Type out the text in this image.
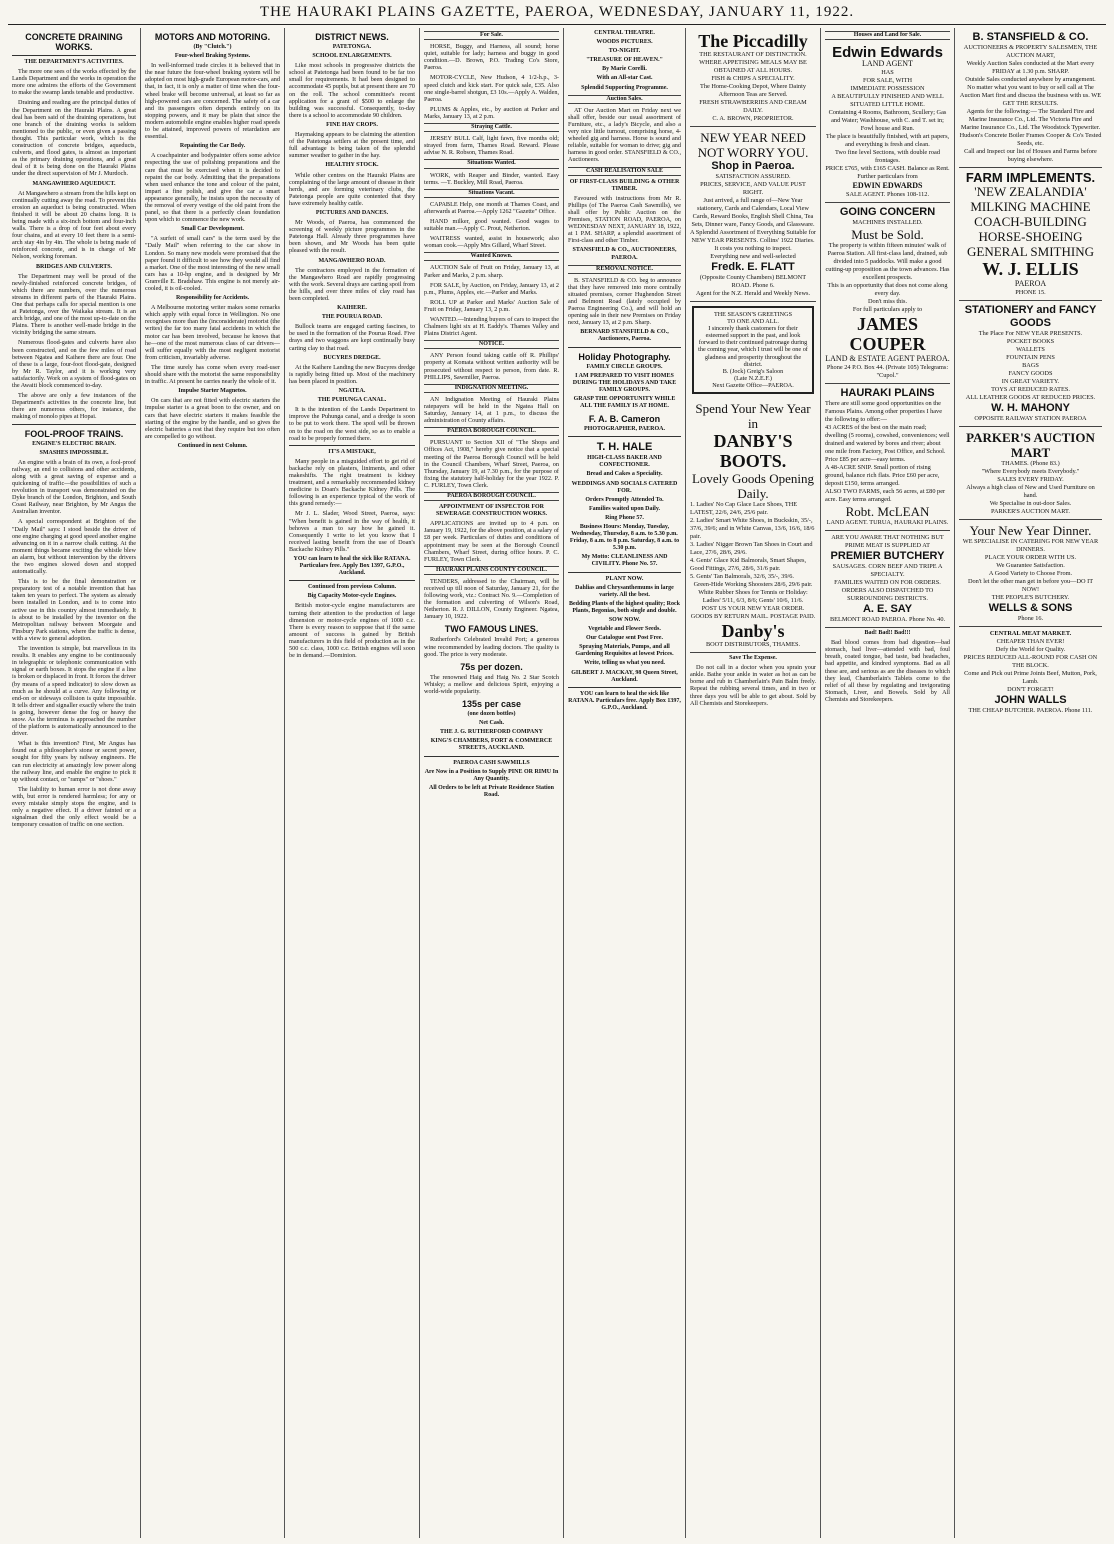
THE HAURAKI PLAINS GAZETTE, PAEROA, WEDNESDAY, JANUARY 11, 1922.
CONCRETE DRAINING WORKS.
THE DEPARTMENT'S ACTIVITIES.

The more one sees of the works effected by the Lands Department and the works in operation the more one admires the efforts of the Government to make the swamp lands tenable and productive.

Draining and reading are the principal duties of the Department on the Hauraki Plains. A great deal has been said of the draining operations, but one branch of the draining works is seldom mentioned to the public, or even given a passing thought. This particular work, which is the construction of concrete bridges, aqueducts, culverts, and flood gates, is almost as important as the primary draining operations, and a great deal of it is being done on the Hauraki Plains under the direct supervision of Mr J. Murdoch.

MANGAWHERO AQUEDUCT.

At Mangawhero a stream from the hills kept on continually cutting away the road. To prevent this erosion an aqueduct is being constructed. When finished it will be about 20 chains long. It is being made with a six-inch bottom and four-inch walls. There is a drop of four feet about every four chains, and at every 10 feet there is a semi-arch stay 4in by 4in. The whole is being made of reinforced concrete, and is in charge of Mr Nelson, working foreman.

BRIDGES AND CULVERTS.

The Department may well be proud of the newly-finished reinforced concrete bridges, of which there are numbers, over the numerous streams in different parts of the Hauraki Plains. One that perhaps calls for special mention is one at Patetonga, over the Waikaka stream. It is an arch bridge, and one of the most up-to-date on the Plains. There is another well-made bridge in the vicinity bridging the same stream.

Numerous flood-gates and culverts have also been constructed, and on the few miles of road between Ngatea and Kaihere there are four. One of these is a large, four-foot flood-gate, designed by Mr R. Taylor, and it is working very satisfactorily. Work on a system of flood-gates on the Awaiti block commenced to-day.

The above are only a few instances of the Department's activities in the concrete line, but there are numerous others, for instance, the making of monolo pipes at Hopai.

FOOL-PROOF TRAINS.
ENGINE'S ELECTRIC BRAIN.
SMASHES IMPOSSIBLE.

An engine with a brain of its own, a fool-proof railway, an end to collisions and other accidents, along with a great saving of expense and a quickening of traffic—the possibilities of such a revolution in transport was demonstrated on the Dyke branch of the London, Brighton, and South Coast Railway, near Brighton, by Mr Angus the Australian inventor.

A special correspondent at Brighton of the "Daily Mail" says: I stood beside the driver of one engine charging at good speed another engine advancing on it in a narrow chalk cutting. At the moment things became exciting the whistle blew an alarm, but without intervention by the drivers the two engines slowed down and stopped automatically.

This is to be the final demonstration or preparatory test of a notable invention that has taken ten years to perfect. The system as already been installed in London, and is to come into active use in this country almost immediately. It is about to be installed by the inventor on the Metropolitan railway between Moorgate and Finsbury Park stations, where the traffic is dense, with a view to general adoption.

The invention is simple, but marvellous in its results. It enables any engine to be continuously in telegraphic or telephonic communication with signal or earth boxes. It stops the engine if a line is broken or displaced in front. It forces the driver (by means of a speed indicator) to slow down as much as he should at a curve. Any following or end-on or sideways collision is quite impossible. It tells driver and signaller exactly where the train is going, however dense the fog or heavy the snow. As the terminus is approached the number of the platform is automatically announced to the driver.

What is this invention? First, Mr Angus has found out a philosopher's stone or secret power, sought for fifty years by railway engineers. He can run electricity at amazingly low power along the railway line, and enable the engine to pick it up without contact, or "ramps" or "shoes."

The liability to human error is not done away with, but error is rendered harmless; for any or every mistake simply stops the engine, and is only a negative effect. If a driver fainted or a signalman died the only effect would be a temporary cessation of traffic on one section.

MOTORS AND MOTORING.
(By "Clutch.")
Four-wheel Braking Systems.

In well-informed trade circles it is believed that in the near future the four-wheel braking system will be adopted on most high-grade European motor-cars, and that, in fact, it is only a matter of time when the four-wheel brake will become universal, at least so far as high-powered cars are concerned. The safety of a car and its passengers often depends entirely on its stopping powers, and it may be plain that since the modern automobile engine enables higher road speeds to be attained, improved powers of retardation are essential.

Repainting the Car Body.

A coachpainter and bodypainter offers some advice respecting the use of polishing preparations and the care that must be exercised when it is decided to repaint the car body. Admitting that the preparations when used enhance the tone and colour of the paint, impart a fine polish, and give the car a smart appearance generally, he insists upon the necessity of the removal of every vestige of the old paint from the panel, so that there is a perfectly clean foundation upon which to commence the new work.

Small Car Development.

"A surfeit of small cars" is the term used by the "Daily Mail" when referring to the car show in London. So many new models were promised that the paper found it difficult to see how they would all find a market. One of the most interesting of the new small cars has a 10-hp engine, and is designed by Mr Granville E. Bradshaw. This engine is not merely air-cooled, it is oil-cooled.

Responsibility for Accidents.

A Melbourne motoring writer makes some remarks which apply with equal force in Wellington. No one recognises more than the (inconsiderate) motorist (the writes) the far too many fatal accidents in which the motor car has been involved, because he knows that he—one of the most numerous class of car drivers—will suffer equally with the most negligent motorist from criticism, invariably adverse.

The time surely has come when every road-user should share with the motorist the same responsibility in traffic. At present he carries nearly the whole of it.

Impulse Starter Magnetos.

On cars that are not fitted with electric starters the impulse starter is a great boon to the owner, and on cars that have electric starters it makes feasible the starting of the engine by the handle, and so gives the electric batteries a rest that they require but too often are compelled to go without.

Continued in next Column.
DISTRICT NEWS.
PATETONGA.
SCHOOL ENLARGEMENTS.

Like most schools in progressive districts the school at Patetonga had been found to be far too small for requirements. It had been designed to accommodate 45 pupils, but at present there are 70 on the roll. The school committee's recent application for a grant of $500 to enlarge the building was successful. Consequently, to-day there is a school to accommodate 90 children.

FINE HAY CROPS.

Haymaking appears to be claiming the attention of the Patetonga settlers at the present time, and full advantage is being taken of the splendid summer weather to gather in the hay.

HEALTHY STOCK.

While other centres on the Hauraki Plains are complaining of the large amount of disease in their herds, and are forming veterinary clubs, the Patetonga people are quite contented that they have extremely healthy cattle.

PICTURES AND DANCES.

Mr Woods, of Paeroa, has commenced the screening of weekly picture programmes in the Patetonga Hall. Already three programmes have been shown, and Mr Woods has been quite pleased with the result.

MANGAWHERO ROAD.

The contractors employed in the formation of the Mangawhero Road are rapidly progressing with the work. Several drays are carting spoil from the hills, and over three miles of clay road has been completed.

KAIHERE.
THE POURUA ROAD.

Bullock teams are engaged carting fascines, to be used in the formation of the Pourua Road. Five drays and two waggons are kept continually busy carting clay to that road.

BUCYRES DREDGE.

At the Kaihere Landing the new Bucyres dredge is rapidly being fitted up. Most of the machinery has been placed in position.

NGATEA.
THE PUHUNGA CANAL.

It is the intention of the Lands Department to improve the Puhunga canal, and a dredge is soon to be put to work there. The spoil will be thrown on to the road on the west side, so as to enable a road to be properly formed there.

IT'S A MISTAKE,

Many people in a misguided effort to get rid of backache rely on plasters, liniments, and other makeshifts. The right treatment is kidney treatment, and a remarkably recommended kidney medicine is Doan's Backache Kidney Pills. The following is an experience typical of the work of this grand remedy:—

Mr J. L. Slader, Wood Street, Paeroa, says: "When benefit is gained in the way of health, it behoves a man to say how he gained it. Consequently I write to let you know that I received lasting benefit from the use of Doan's Backache Kidney Pills."

YOU can learn to heal the sick like RATANA. Particulars free. Apply Box 1397, G.P.O., Auckland.
Continued from previous Column.
Big Capacity Motor-cycle Engines.

British motor-cycle engine manufacturers are turning their attention to the production of large dimension or motor-cycle engines of 1000 c.c. There is every reason to suppose that if the same amount of success is gained by British manufacturers in this field of production as in the 500 c.c. class, 1000 c.c. British engines will soon be in demand.—Dominion.

For Sale.

HORSE, Buggy, and Harness, all sound; horse quiet, suitable for lady; harness and buggy in good condition.—D. Brown, P.O. Trading Co's Store, Paeroa.

MOTOR-CYCLE, New Hudson, 4 1/2-h.p., 3-speed clutch and kick start. For quick sale, £35. Also one single-barrel shotgun, £3 10s.—Apply A. Walden, Paeroa.

PLUMS & Apples, etc., by auction at Parker and Marks, January 13, at 2 p.m.

Straying Cattle.

JERSEY BULL Calf, light fawn, five months old; strayed from farm, Thames Road. Reward. Please advise N. R. Robson, Thames Road.

Situations Wanted.

WORK, with Reaper and Binder, wanted. Easy terms. —T. Buckley, Mill Road, Paeroa.

Situations Vacant.

CAPABLE Help, one month at Thames Coast, and afterwards at Paeroa.—Apply 1262 "Gazette" Office.

HAND milker, good wanted. Good wages to suitable man.—Apply C. Prout, Netherton.

WAITRESS wanted, assist in housework; also woman cook.—Apply Mrs Gillard, Wharf Street.

Wanted Known.

AUCTION Sale of Fruit on Friday, January 13, at Parker and Marks, 2 p.m. sharp.

FOR SALE, by Auction, on Friday, January 13, at 2 p.m., Plums, Apples, etc.—Parker and Marks.

ROLL UP at Parker and Marks' Auction Sale of Fruit on Friday, January 13, 2 p.m.

WANTED.—Intending buyers of cars to inspect the Chalmers light six at H. Eaddy's. Thames Valley and Plains District Agent.

NOTICE.

ANY Person found taking cattle off R. Phillips' property at Komata without written authority will be prosecuted without respect to person, from date. R. PHILLIPS, Sawmiller, Paeroa.

INDIGNATION MEETING.

AN Indignation Meeting of Hauraki Plains ratepayers will be held in the Ngatea Hall on Saturday, January 14, at 1 p.m., to discuss the administration of County affairs.

PAEROA BOROUGH COUNCIL.

PURSUANT to Section XII of "The Shops and Offices Act, 1908," hereby give notice that a special meeting of the Paeroa Borough Council will be held in the Council Chambers, Wharf Street, Paeroa, on Thursday, January 19, at 7.30 p.m., for the purpose of fixing the statutory half-holiday for the year 1922. P. C. FURLEY, Town Clerk.

PAEROA BOROUGH COUNCIL.
APPOINTMENT OF INSPECTOR FOR SEWERAGE CONSTRUCTION WORKS.

APPLICATIONS are invited up to 4 p.m. on January 19, 1922, for the above position, at a salary of £8 per week. Particulars of duties and conditions of appointment may be seen at the Borough Council Chambers, Wharf Street, during office hours. P. C. FURLEY, Town Clerk.

HAURAKI PLAINS COUNTY COUNCIL.

TENDERS, addressed to the Chairman, will be received up till noon of Saturday, January 21, for the following work, viz.: Contract No. 9.—Completion of the formation and culverting of Wilson's Road, Netherton. R. J. DILLON, County Engineer. Ngatea, January 10, 1922.

TWO FAMOUS LINES.

Rutherford's Celebrated Invalid Port; a generous wine recommended by leading doctors. The quality is good. The price is very moderate.

75s per dozen.

The renowned Haig and Haig No. 2 Star Scotch Whisky; a mellow and delicious Spirit, enjoying a world-wide popularity.

135s per case
(one dozen bottles)
Net Cash.
THE J. G. RUTHERFORD COMPANY
KING'S CHAMBERS, FORT & COMMERCE STREETS, AUCKLAND.
PAEROA CASH SAWMILLS
Are Now in a Position to Supply PINE OR RIMU In Any Quantity.
All Orders to be left at Private Residence Station Road.
CENTRAL THEATRE.
WOODS PICTURES.
TO-NIGHT.
"TREASURE OF HEAVEN."
By Marie Corelli.
With an All-star Cast.
Splendid Supporting Programme.
Auction Sales.

AT Our Auction Mart on Friday next we shall offer, beside our usual assortment of Furniture, etc., a lady's Bicycle, and also a very nice little turnout, comprising horse, 4-wheeled gig and harness. Horse is sound and reliable, suitable for woman to drive; gig and harness in good order. STANSFIELD & CO., Auctioneers.

CASH REALISATION SALE
OF FIRST-CLASS BUILDING & OTHER TIMBER.

Favoured with instructions from Mr R. Phillips (of The Paeroa Cash Sawmills), we shall offer by Public Auction on the Premises, STATION ROAD, PAEROA, on WEDNESDAY NEXT, JANUARY 18, 1922, at 1 P.M. SHARP, a splendid assortment of First-class and other Timber.

STANSFIELD & CO., AUCTIONEERS, PAEROA.
REMOVAL NOTICE.

B. STANSFIELD & CO. beg to announce that they have removed into more centrally situated premises, corner Hughendon Street and Belmont Road (lately occupied by Paeroa Engineering Co.), and will hold an opening sale in their new Premises on Friday next, January 13, at 2 p.m. Sharp.

BERNARD STANSFIELD & CO., Auctioneers, Paeroa.
Holiday Photography.
FAMILY CIRCLE GROUPS.
I AM PREPARED TO VISIT HOMES DURING THE HOLIDAYS AND TAKE FAMILY GROUPS.
GRASP THE OPPORTUNITY WHILE ALL THE FAMILY IS AT HOME.
F. A. B. Cameron
PHOTOGRAPHER, PAEROA.
T. H. HALE
HIGH-CLASS BAKER AND CONFECTIONER.
Bread and Cakes a Speciality.
WEDDINGS AND SOCIALS CATERED FOR.
Orders Promptly Attended To.
Families waited upon Daily.
Ring Phone 57.
Business Hours: Monday, Tuesday, Wednesday, Thursday, 8 a.m. to 5.30 p.m. Friday, 8 a.m. to 8 p.m. Saturday, 8 a.m. to 5.30 p.m.
My Motto: CLEANLINESS AND CIVILITY. Phone No. 57.
PLANT NOW.
Dahlias and Chrysanthemums in large variety. All the best.
Bedding Plants of the highest quality; Rock Plants, Begonias, both single and double.
SOW NOW.
Vegetable and Flower Seeds.
Our Catalogue sent Post Free.
Spraying Materials, Pumps, and all Gardening Requisites at lowest Prices.
Write, telling us what you need.
GILBERT J. MACKAY, 98 Queen Street, Auckland.
YOU can learn to heal the sick like RATANA. Particulars free. Apply Box 1397, G.P.O., Auckland.
The Piccadilly
THE RESTAURANT OF DISTINCTION.
WHERE APPETISING MEALS MAY BE OBTAINED AT ALL HOURS.
FISH & CHIPS A SPECIALITY.
The Home-Cooking Depot, Where Dainty Afternoon Teas are Served.
FRESH STRAWBERRIES AND CREAM DAILY.
C. A. BROWN, PROPRIETOR.
NEW YEAR NEED NOT WORRY YOU.
Shop in Paeroa.
SATISFACTION ASSURED.
PRICES, SERVICE, AND VALUE PUST RIGHT.
Just arrived, a full range of—New Year stationery, Cards and Calendars, Local View Cards, Reward Books, English Shell China, Tea Sets, Dinner ware, Fancy Goods, and Glassware.
A Splendid Assortment of Everything Suitable for NEW YEAR PRESENTS. Collins' 1922 Diaries.
It costs you nothing to inspect.
Everything new and well-selected
Fredk. E. FLATT
(Opposite County Chambers) BELMONT ROAD. Phone 6.
Agent for the N.Z. Herald and Weekly News.
THE SEASON'S GREETINGS
TO ONE AND ALL.
I sincerely thank customers for their esteemed support in the past, and look forward to their continued patronage during the coming year, which I trust will be one of gladness and prosperity throughout the district.
B. (Jock) Greig's Saloon
(Late N.Z.E.F.)
Next Gazette Office—PAEROA.
Spend Your New Year in
DANBY'S BOOTS.
Lovely Goods Opening Daily.
1. Ladies' No Cap Glace Lace Shoes, THE LATEST, 22/6, 24/6, 25/6 pair.
2. Ladies' Smart White Shoes, in Buckskin, 35/-, 37/6, 39/6; and in White Canvas, 13/6, 16/6, 18/6 pair.
3. Ladies' Nigger Brown Tan Shoes in Court and Lace, 27/6, 28/6, 29/6.
4. Gents' Glace Kid Balmorals, Smart Shapes, Good Fittings, 27/6, 28/6, 31/6 pair.
5. Gents' Tan Balmorals, 32/6, 35/-, 39/6.
Green-Hide Working Shoosters 28/6, 29/6 pair.
White Rubber Shoes for Tennis or Holiday: Ladies' 5/11, 6/3, 8/6; Gents' 10/6, 11/6.
POST US YOUR NEW YEAR ORDER.
GOODS BY RETURN MAIL. POSTAGE PAID.
Danby's
BOOT DISTRIBUTORS, THAMES.
Save The Expense.

Do not call in a doctor when you sprain your ankle. Bathe your ankle in water as hot as can be borne and rub in Chamberlain's Pain Balm freely. Repeat the rubbing several times, and in two or three days you will be able to get about. Sold by All Chemists and Storekeepers.

Houses and Land for Sale.
Edwin Edwards
LAND AGENT
HAS
FOR SALE, WITH
IMMEDIATE POSSESSION
A BEAUTIFULLY FINISHED AND WELL SITUATED LITTLE HOME.
Containing 4 Rooms, Bathroom, Scullery; Gas and Water; Washhouse, with C. and T. set in; Fowl house and Run.
The place is beautifully finished, with art papers, and everything is fresh and clean.
Two fine level Sections, with double road frontages.
PRICE £765, with £165 CASH. Balance as Rent.
Further particulars from
EDWIN EDWARDS
SALE AGENT. Phones 108-112.
GOING CONCERN
MACHINES INSTALLED.
Must be Sold.
The property is within fifteen minutes' walk of Paeroa Station. All first-class land, drained, sub divided into 5 paddocks. Will make a good cutting-up proposition as the town advances. Has excellent prospects.
This is an opportunity that does not come along every day.
Don't miss this.
For full particulars apply to
JAMES COUPER
LAND & ESTATE AGENT PAEROA.
Phone 24 P.O. Box 44. (Private 105) Telegrams: "Cupol."
HAURAKI PLAINS
There are still some good opportunities on the Famous Plains. Among other properties I have the following to offer:—
43 ACRES of the best on the main road; dwelling (5 rooms), cowshed, conveniences; well drained and watered by bores and river; about one mile from Factory, Post Office, and School. Price £85 per acre—easy terms.
A 48-ACRE SNIP. Small portion of rising ground, balance rich flats. Price £60 per acre, deposit £150, terms arranged.
ALSO TWO FARMS, each 56 acres, at £80 per acre. Easy terms arranged.
Robt. McLEAN
LAND AGENT. TURUA, HAURAKI PLAINS.
ARE YOU AWARE THAT NOTHING BUT PRIME MEAT IS SUPPLIED AT
PREMIER BUTCHERY
SAUSAGES. CORN BEEF AND TRIPE A SPECIALTY.
FAMILIES WAITED ON FOR ORDERS.
ORDERS ALSO DISPATCHED TO SURROUNDING DISTRICTS.
A. E. SAY
BELMONT ROAD PAEROA. Phone No. 40.
Bad! Bad!! Bad!!!

Bad blood comes from bad digestion—bad stomach, bad liver—attended with bad, foul breath, coated tongue, bad taste, bad headaches, bad appetite, and kindred symptoms. Bad as all these are, and serious as are the diseases to which they lead, Chamberlain's Tablets come to the relief of all these by regulating and invigorating Stomach, Liver, and Bowels. Sold by All Chemists and Storekeepers.

B. STANSFIELD & CO.
AUCTIONEERS & PROPERTY SALESMEN, THE AUCTION MART,
Weekly Auction Sales conducted at the Mart every FRIDAY at 1.30 p.m. SHARP.
Outside Sales conducted anywhere by arrangement.
No matter what you want to buy or sell call at The Auction Mart first and discuss the business with us. WE GET THE RESULTS.
Agents for the following:— The Standard Fire and Marine Insurance Co., Ltd. The Victoria Fire and Marine Insurance Co., Ltd. The Woodstock Typewriter. Hudson's Concrete Boiler Frames Cooper & Co's Tested Seeds, etc.
Call and Inspect our list of Houses and Farms before buying elsewhere.
FARM IMPLEMENTS.
'NEW ZEALANDIA' MILKING MACHINE
COACH-BUILDING HORSE-SHOEING GENERAL SMITHING
W. J. ELLIS
PAEROA
PHONE 15.
STATIONERY and FANCY GOODS
The Place For NEW YEAR PRESENTS.
POCKET BOOKS
WALLETS
FOUNTAIN PENS
BAGS
FANCY GOODS
IN GREAT VARIETY.
TOYS AT REDUCED RATES.
ALL LEATHER GOODS AT REDUCED PRICES.
W. H. MAHONY
OPPOSITE RAILWAY STATION PAEROA
PARKER'S AUCTION MART
THAMES. (Phone 83.)
"Where Everybody meets Everybody."
SALES EVERY FRIDAY.
Always a high class of New and Used Furniture on hand.
We Specialise in out-door Sales.
PARKER'S AUCTION MART.
Your New Year Dinner.
WE SPECIALISE IN CATERING FOR NEW YEAR DINNERS.
PLACE YOUR ORDER WITH US.
We Guarantee Satisfaction.
A Good Variety to Choose From.
Don't let the other man get in before you—DO IT NOW!
THE PEOPLE'S BUTCHERY.
WELLS & SONS
Phone 16.
CENTRAL MEAT MARKET.
CHEAPER THAN EVER!
Defy the World for Quality.
PRICES REDUCED ALL-ROUND FOR CASH ON THE BLOCK.
Come and Pick out Prime Joints Beef, Mutton, Pork, Lamb.
DON'T FORGET!
JOHN WALLS
THE CHEAP BUTCHER. PAEROA. Phone 111.
